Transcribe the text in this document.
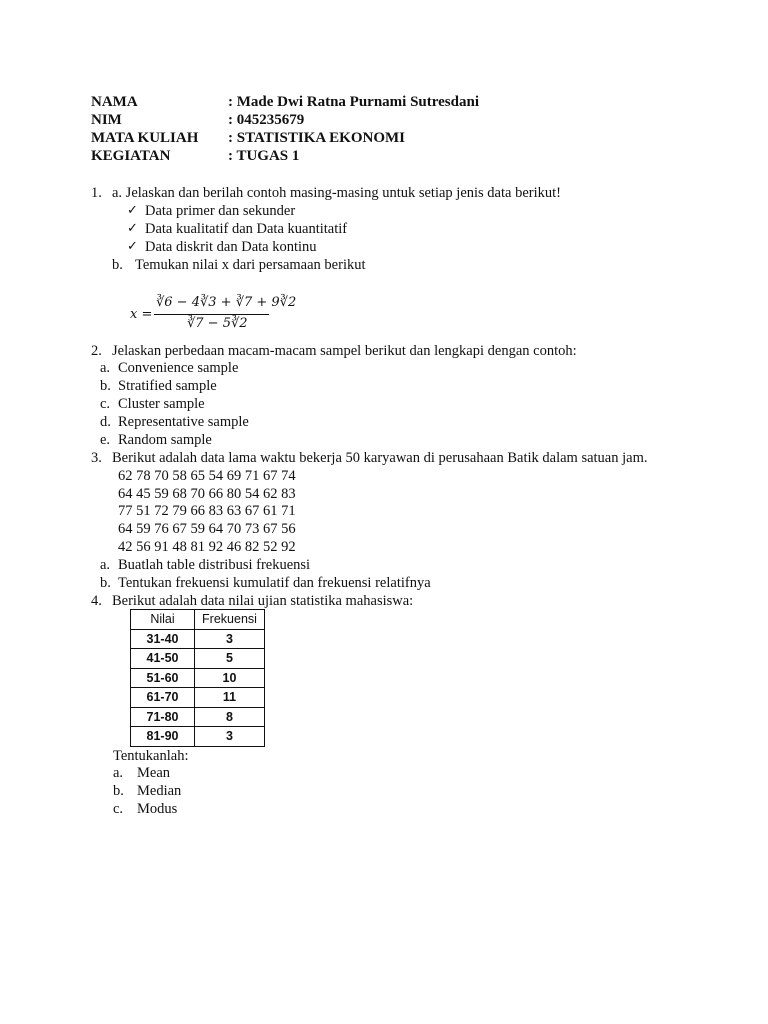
NAMA	: Made Dwi Ratna Purnami Sutresdani
NIM	: 045235679
MATA KULIAH : STATISTIKA EKONOMI
KEGIATAN	: TUGAS 1
1. a. Jelaskan dan berilah contoh masing-masing untuk setiap jenis data berikut!
✓ Data primer dan sekunder
✓ Data kualitatif dan Data kuantitatif
✓ Data diskrit dan Data kontinu
b. Temukan nilai x dari persamaan berikut
x =
∛6 − 4∛3 + ∛7 + 9∛2
∛7 − 5∛2
2. Jelaskan perbedaan macam-macam sampel berikut dan lengkapi dengan contoh:
a. Convenience sample
b. Stratified sample
c. Cluster sample
d. Representative sample
e. Random sample
3. Berikut adalah data lama waktu bekerja 50 karyawan di perusahaan Batik dalam satuan jam.
62 78 70 58 65 54 69 71 67 74
64 45 59 68 70 66 80 54 62 83
77 51 72 79 66 83 63 67 61 71
64 59 76 67 59 64 70 73 67 56
42 56 91 48 81 92 46 82 52 92
a. Buatlah table distribusi frekuensi
b. Tentukan frekuensi kumulatif dan frekuensi relatifnya
4. Berikut adalah data nilai ujian statistika mahasiswa:
Nilai	Frekuensi
31-40	3
41-50	5
51-60	10
61-70	11
71-80	8
81-90	3
Tentukanlah:
a. Mean
b. Median
c. Modus
